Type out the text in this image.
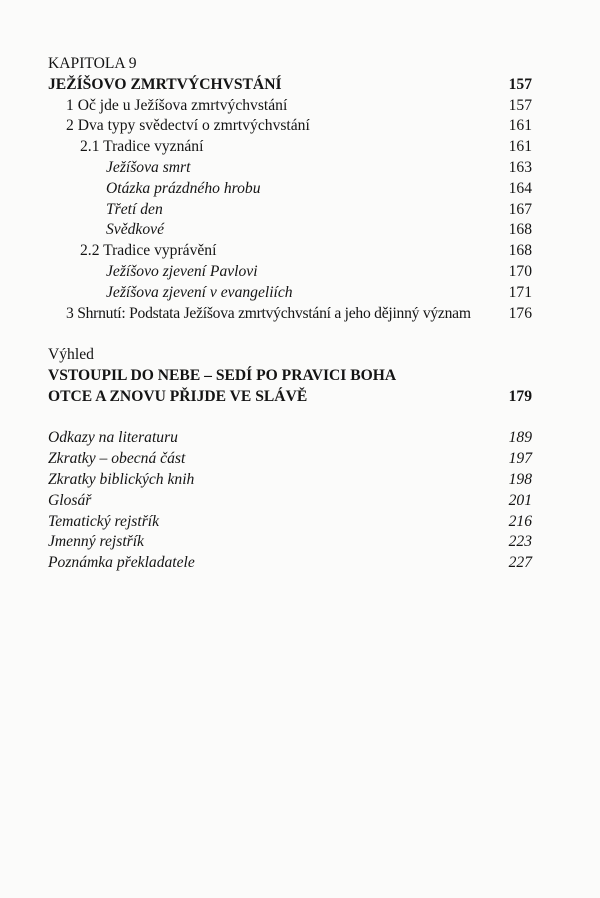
KAPITOLA 9
JEŽÍŠOVO ZMRTVÝCHVSTÁNÍ	157
1 Oč jde u Ježíšova zmrtvýchvstání	157
2 Dva typy svědectví o zmrtvýchvstání	161
2.1 Tradice vyznání	161
Ježíšova smrt	163
Otázka prázdného hrobu	164
Třetí den	167
Svědkové	168
2.2 Tradice vyprávění	168
Ježíšovo zjevení Pavlovi	170
Ježíšova zjevení v evangeliích	171
3 Shrnutí: Podstata Ježíšova zmrtvýchvstání a jeho dějinný význam 176
Výhled
VSTOUPIL DO NEBE – SEDÍ PO PRAVICI BOHA
OTCE A ZNOVU PŘIJDE VE SLÁVĚ	179
Odkazy na literaturu	189
Zkratky – obecná část	197
Zkratky biblických knih	198
Glosář	201
Tematický rejstřík	216
Jmenný rejstřík	223
Poznámka překladatele	227
